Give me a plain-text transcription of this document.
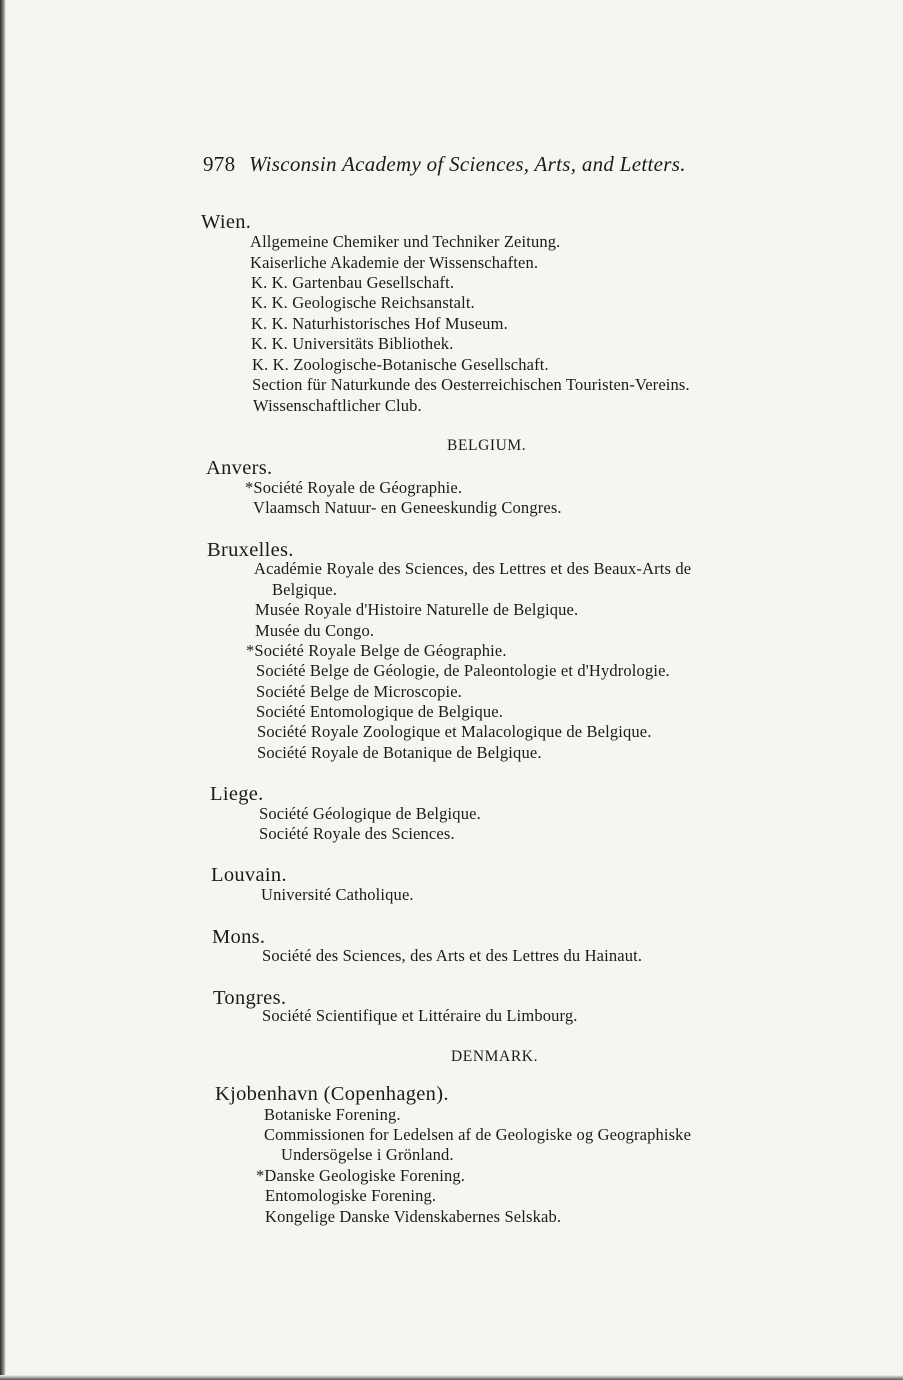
978 Wisconsin Academy of Sciences, Arts, and Letters.
Wien.
Allgemeine Chemiker und Techniker Zeitung.
Kaiserliche Akademie der Wissenschaften.
K. K. Gartenbau Gesellschaft.
K. K. Geologische Reichsanstalt.
K. K. Naturhistorisches Hof Museum.
K. K. Universitäts Bibliothek.
K. K. Zoologische-Botanische Gesellschaft.
Section für Naturkunde des Oesterreichischen Touristen-Vereins.
Wissenschaftlicher Club.
BELGIUM.
Anvers.
*Société Royale de Géographie.
Vlaamsch Natuur- en Geneeskundig Congres.
Bruxelles.
Académie Royale des Sciences, des Lettres et des Beaux-Arts de
Belgique.
Musée Royale d'Histoire Naturelle de Belgique.
Musée du Congo.
*Société Royale Belge de Géographie.
Société Belge de Géologie, de Paleontologie et d'Hydrologie.
Société Belge de Microscopie.
Société Entomologique de Belgique.
Société Royale Zoologique et Malacologique de Belgique.
Société Royale de Botanique de Belgique.
Liege.
Société Géologique de Belgique.
Société Royale des Sciences.
Louvain.
Université Catholique.
Mons.
Société des Sciences, des Arts et des Lettres du Hainaut.
Tongres.
Société Scientifique et Littéraire du Limbourg.
DENMARK.
Kjobenhavn (Copenhagen).
Botaniske Forening.
Commissionen for Ledelsen af de Geologiske og Geographiske
Undersögelse i Grönland.
*Danske Geologiske Forening.
Entomologiske Forening.
Kongelige Danske Videnskabernes Selskab.
